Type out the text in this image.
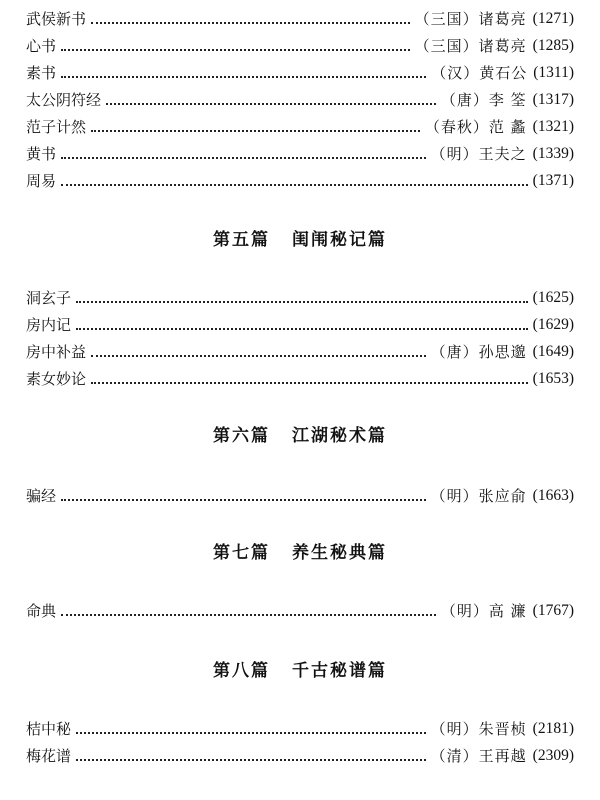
武侯新书	（三国）诸葛亮 (1271)
心书	（三国）诸葛亮 (1285)
素书	（汉）黄石公 (1311)
太公阴符经	（唐）李 筌 (1317)
范子计然	（春秋）范 蠡 (1321)
黄书	（明）王夫之 (1339)
周易	(1371)
第五篇 闺闱秘记篇
洞玄子	(1625)
房内记	(1629)
房中补益	（唐）孙思邈 (1649)
素女妙论	(1653)
第六篇 江湖秘术篇
骗经	（明）张应俞 (1663)
第七篇 养生秘典篇
命典	（明）高 濂 (1767)
第八篇 千古秘谱篇
桔中秘	（明）朱晋桢 (2181)
梅花谱	（清）王再越 (2309)
